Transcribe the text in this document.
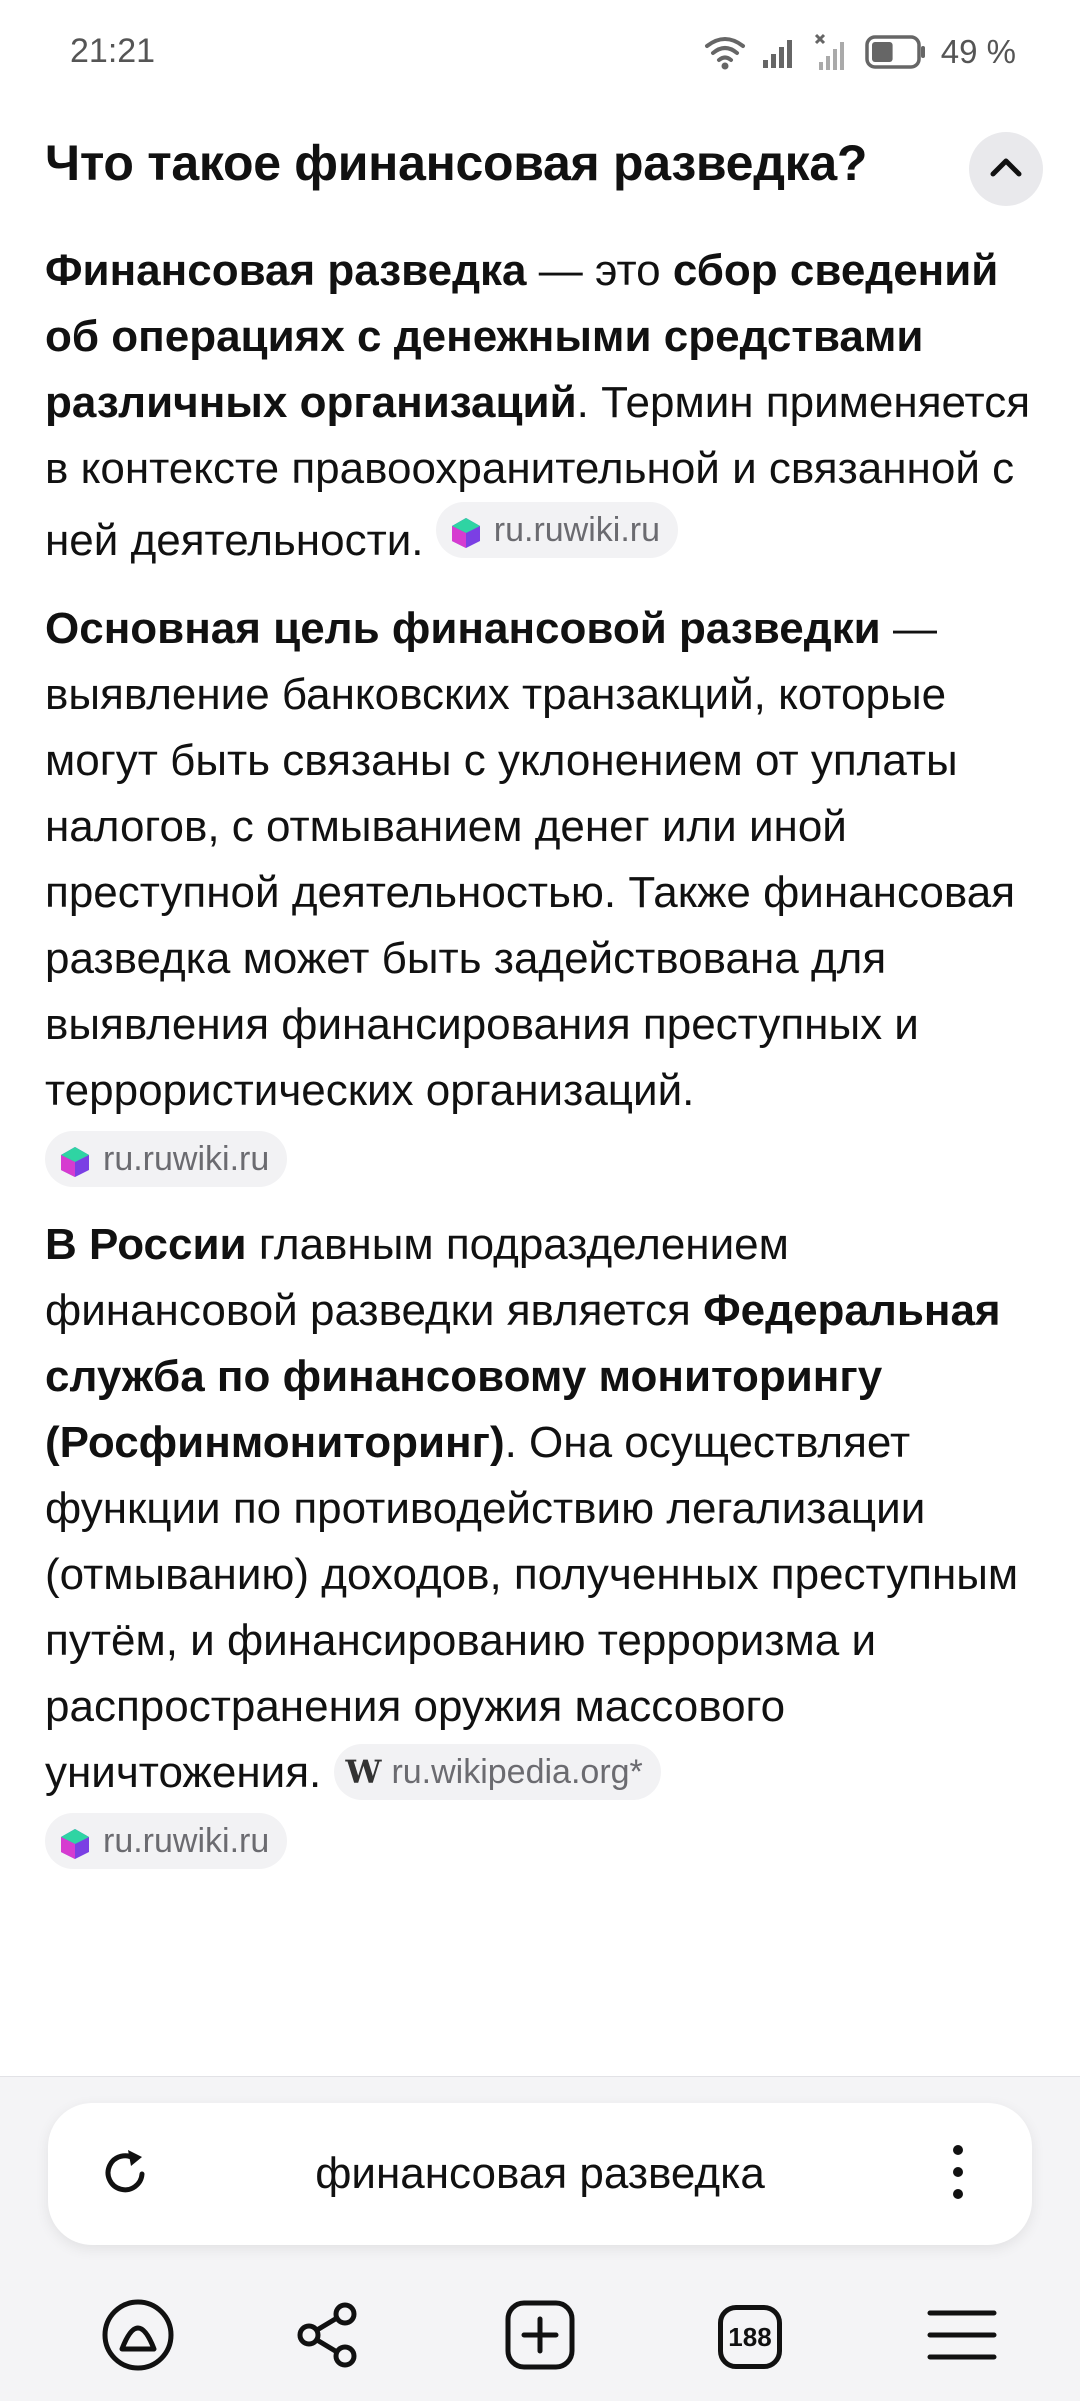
21:21	49 %
Что такое финансовая разведка?

Финансовая разведка — это сбор сведений об операциях с денежными средствами различных организаций. Термин применяется в контексте правоохранительной и связанной с ней деятельности. ru.ruwiki.ru

Основная цель финансовой разведки — выявление банковских транзакций, которые могут быть связаны с уклонением от уплаты налогов, с отмыванием денег или иной преступной деятельностью. Также финансовая разведка может быть задействована для выявления финансирования преступных и террористических организаций.
ru.ruwiki.ru

В России главным подразделением финансовой разведки является Федеральная служба по финансовому мониторингу (Росфинмониторинг). Она осуществляет функции по противодействию легализации (отмыванию) доходов, полученных преступным путём, и финансированию терроризма и распространения оружия массового уничтожения. W ru.wikipedia.org*
ru.ruwiki.ru

финансовая разведка
188
